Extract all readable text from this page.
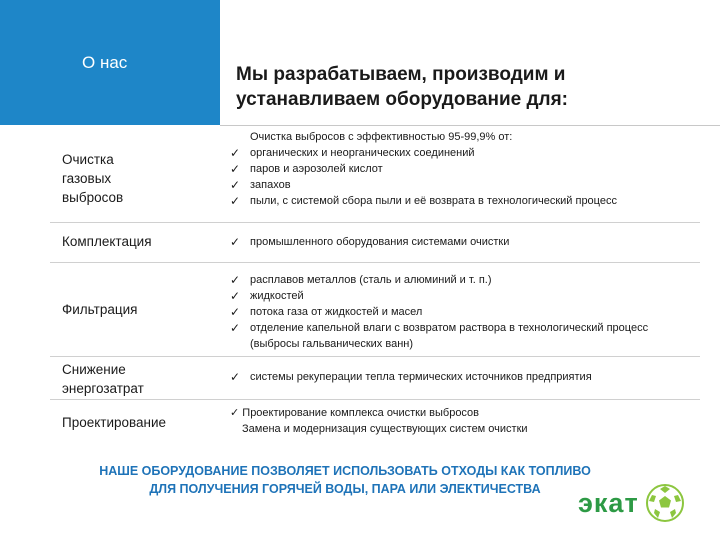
О нас
Мы разрабатываем, производим и
устанавливаем оборудование для:
Очистка
газовых
выбросов
Очистка выбросов с эффективностью 95-99,9% от:
✓ органических и неорганических соединений
✓ паров и аэрозолей кислот
✓ запахов
✓ пыли, с системой сбора пыли и её возврата в технологический процесс
Комплектация	✓ промышленного оборудования системами очистки
Фильтрация
✓ расплавов металлов (сталь и алюминий и т. п.)
✓ жидкостей
✓ потока газа от жидкостей и масел
✓ отделение капельной влаги с возвратом раствора в технологический процесс
(выбросы гальванических ванн)
Снижение
энергозатрат
✓ системы рекуперации тепла термических источников предприятия
Проектирование
✓ Проектирование комплекса очистки выбросов
Замена и модернизация существующих систем очистки
НАШЕ ОБОРУДОВАНИЕ ПОЗВОЛЯЕТ ИСПОЛЬЗОВАТЬ ОТХОДЫ КАК ТОПЛИВО
ДЛЯ ПОЛУЧЕНИЯ ГОРЯЧЕЙ ВОДЫ, ПАРА ИЛИ ЭЛЕКТИЧЕСТВА	экат
